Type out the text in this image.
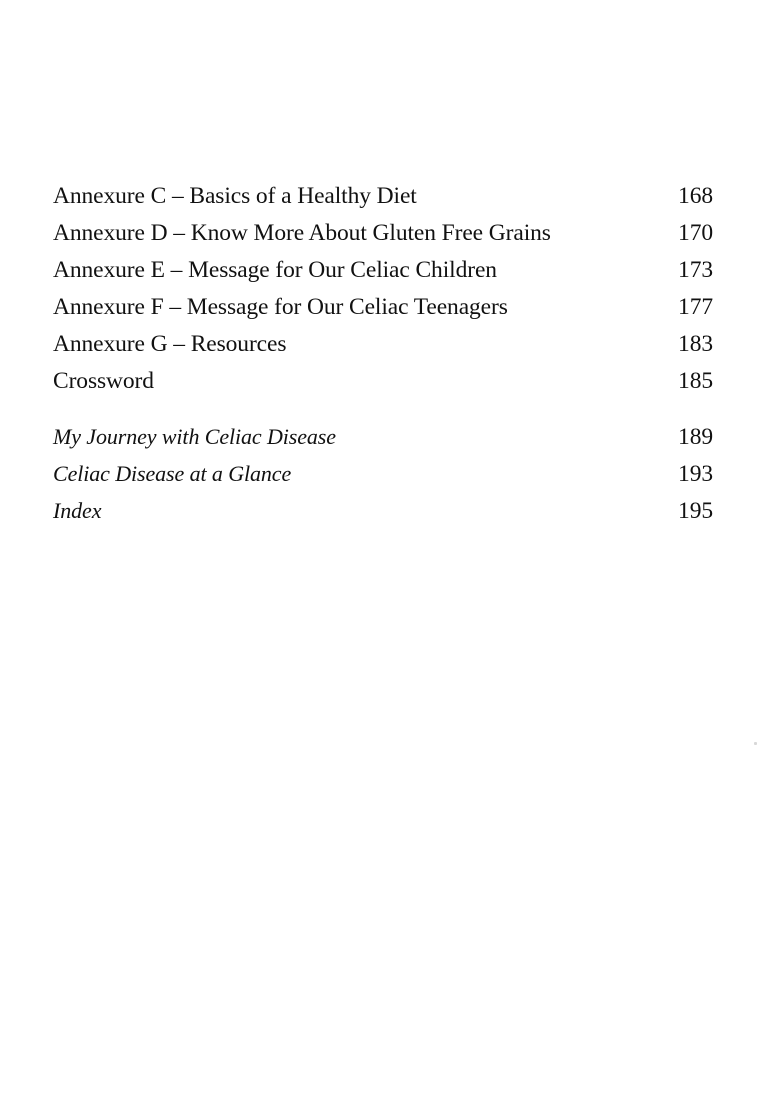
Annexure C – Basics of a Healthy Diet	168
Annexure D – Know More About Gluten Free Grains	170
Annexure E – Message for Our Celiac Children	173
Annexure F – Message for Our Celiac Teenagers	177
Annexure G – Resources	183
Crossword	185
My Journey with Celiac Disease	189
Celiac Disease at a Glance	193
Index	195
